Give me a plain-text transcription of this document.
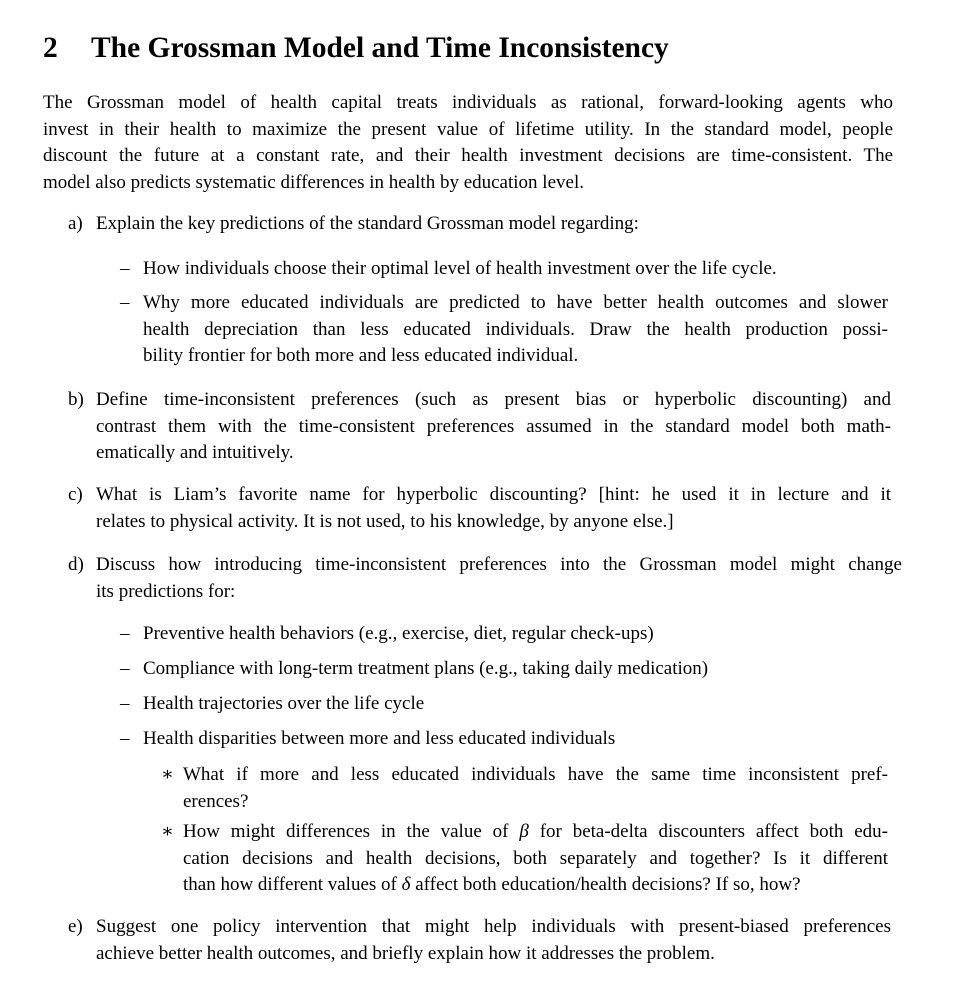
2 The Grossman Model and Time Inconsistency

The Grossman model of health capital treats individuals as rational, forward-looking agents who
invest in their health to maximize the present value of lifetime utility. In the standard model, people
discount the future at a constant rate, and their health investment decisions are time-consistent. The
model also predicts systematic differences in health by education level.

a) Explain the key predictions of the standard Grossman model regarding:

– How individuals choose their optimal level of health investment over the life cycle.
– Why more educated individuals are predicted to have better health outcomes and slower
health depreciation than less educated individuals. Draw the health production possi-
bility frontier for both more and less educated individual.

b) Define time-inconsistent preferences (such as present bias or hyperbolic discounting) and
contrast them with the time-consistent preferences assumed in the standard model both math-
ematically and intuitively.

c) What is Liam’s favorite name for hyperbolic discounting? [hint: he used it in lecture and it
relates to physical activity. It is not used, to his knowledge, by anyone else.]

d) Discuss how introducing time-inconsistent preferences into the Grossman model might change
its predictions for:

– Preventive health behaviors (e.g., exercise, diet, regular check-ups)
– Compliance with long-term treatment plans (e.g., taking daily medication)
– Health trajectories over the life cycle
– Health disparities between more and less educated individuals
∗ What if more and less educated individuals have the same time inconsistent pref-
erences?
∗ How might differences in the value of β for beta-delta discounters affect both edu-
cation decisions and health decisions, both separately and together? Is it different
than how different values of δ affect both education/health decisions? If so, how?

e) Suggest one policy intervention that might help individuals with present-biased preferences
achieve better health outcomes, and briefly explain how it addresses the problem.
